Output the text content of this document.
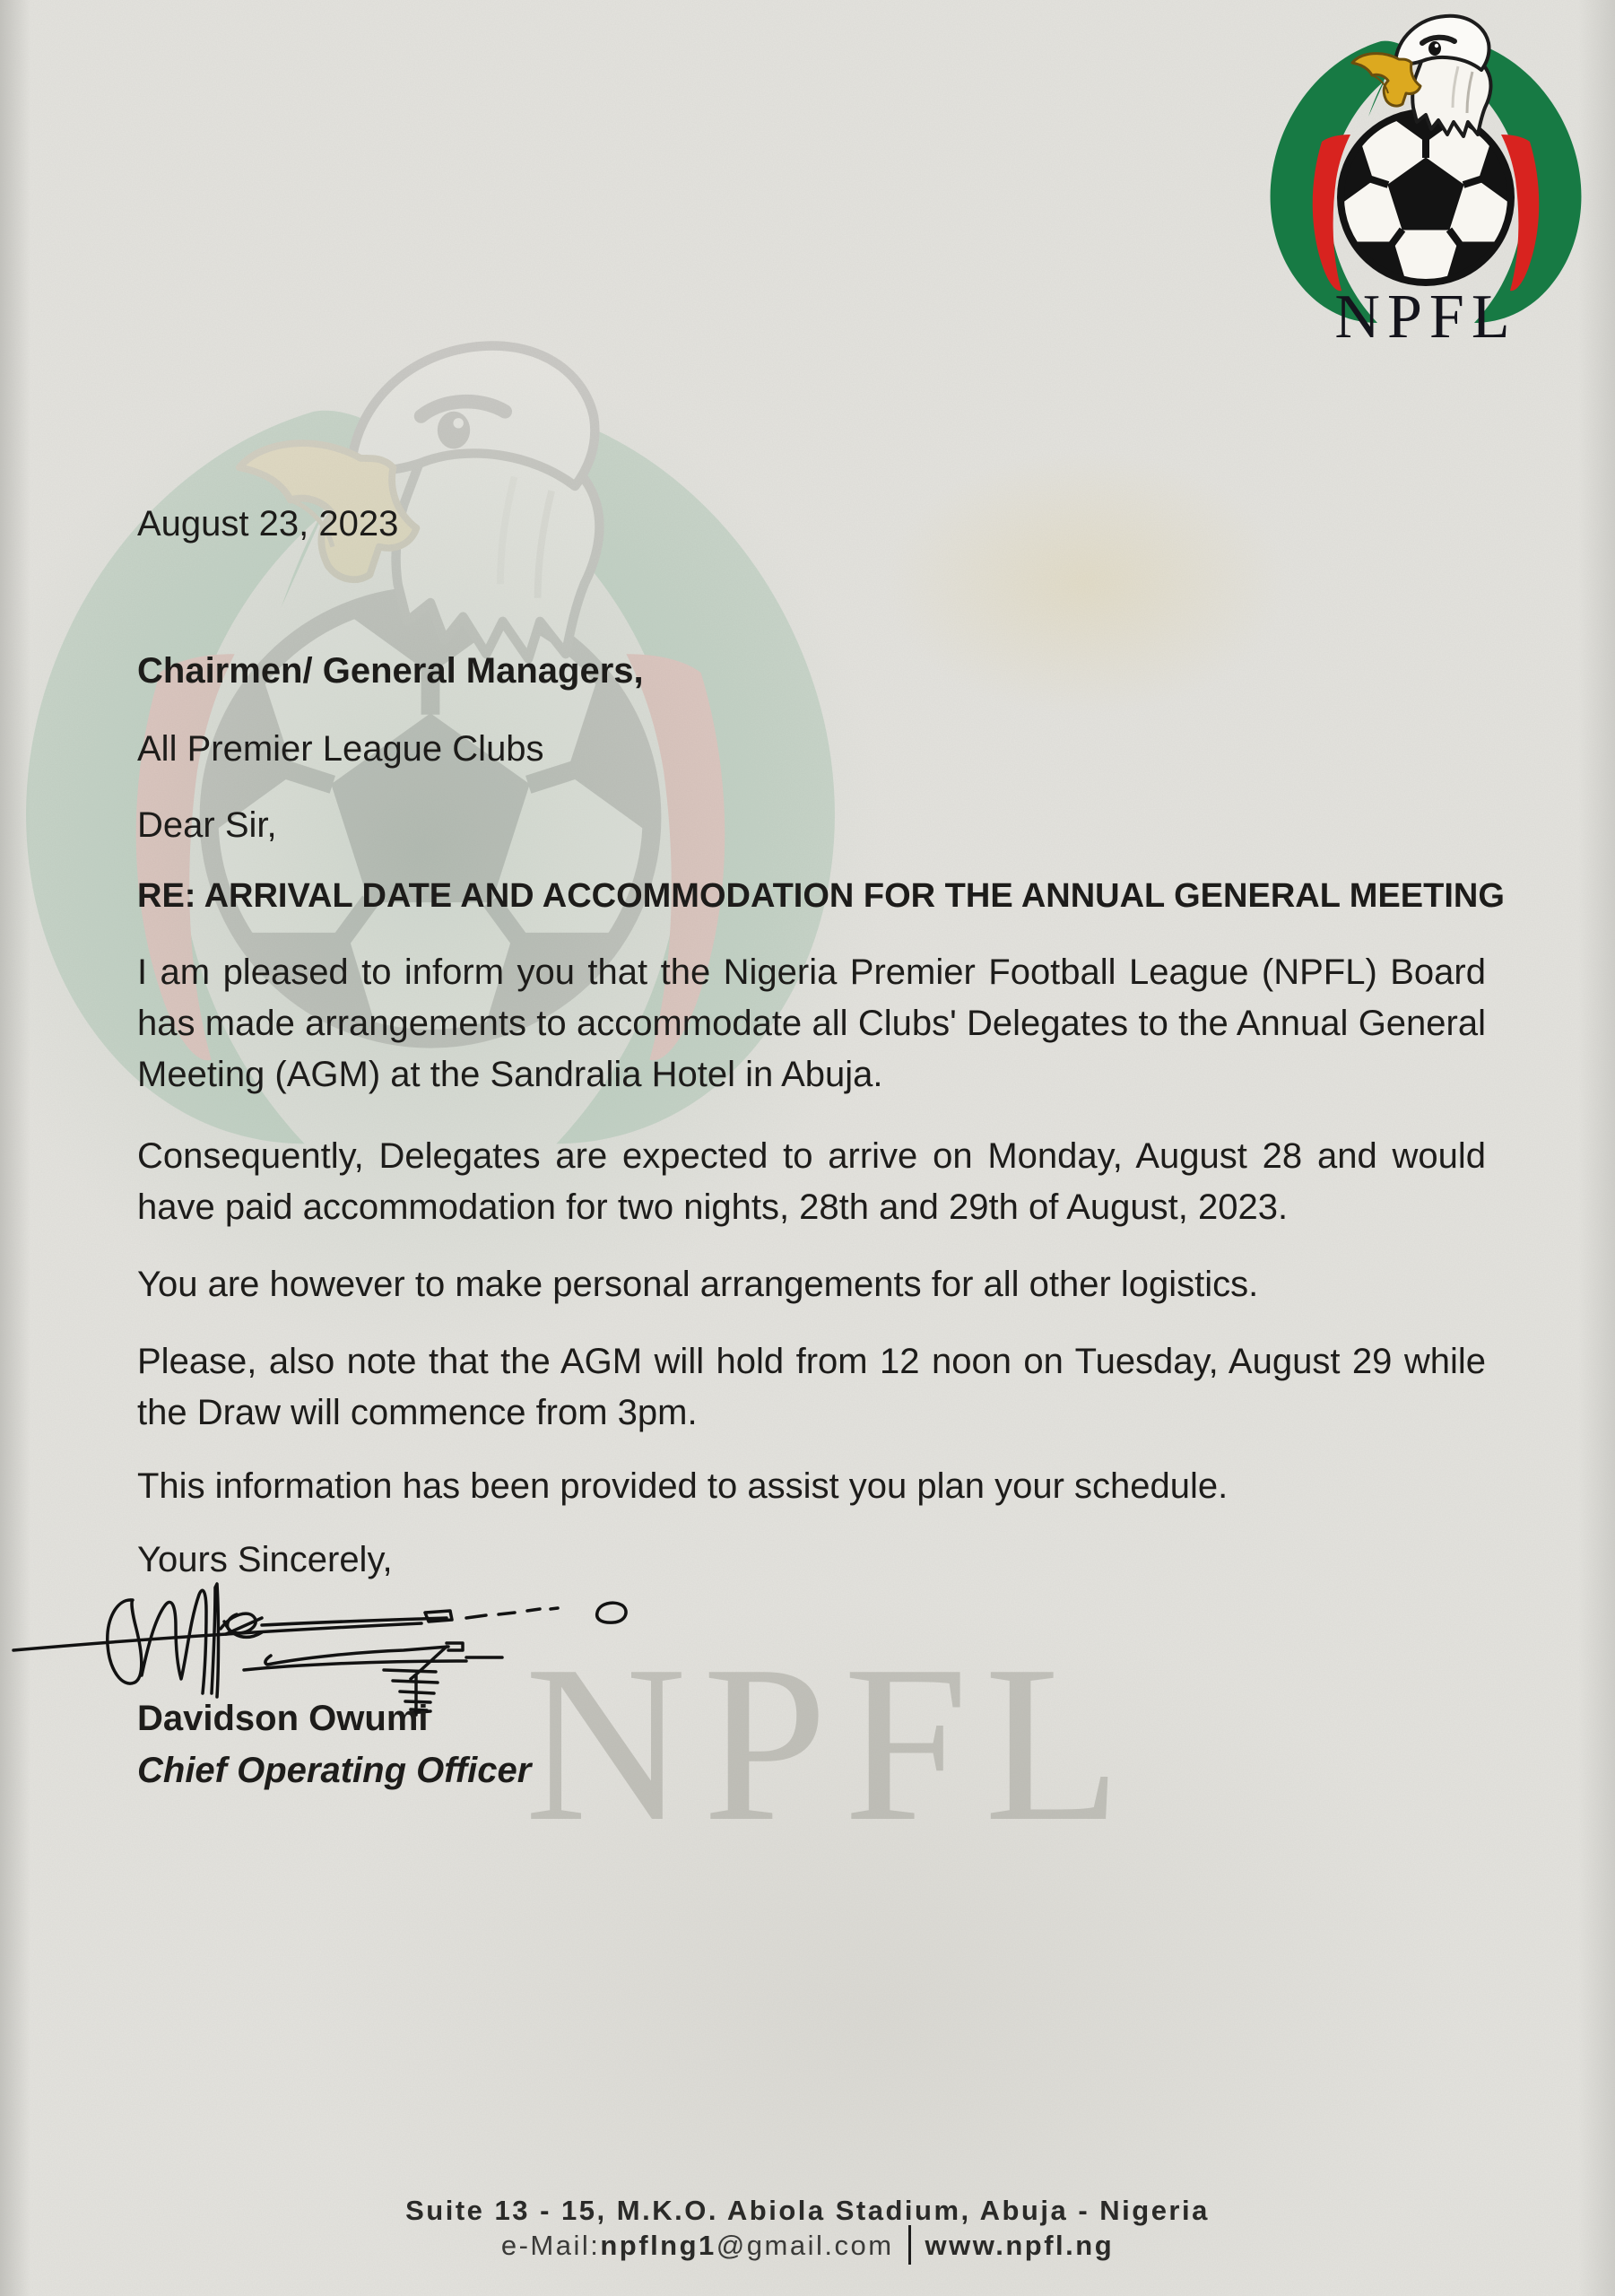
NPFL
NPFL
August 23, 2023
Chairmen/ General Managers,
All Premier League Clubs
Dear Sir,
RE: ARRIVAL DATE AND ACCOMMODATION FOR THE ANNUAL GENERAL MEETING
I am pleased to inform you that the Nigeria Premier Football League (NPFL) Board has made arrangements to accommodate all Clubs' Delegates to the Annual General Meeting (AGM) at the Sandralia Hotel in Abuja.
Consequently, Delegates are expected to arrive on Monday, August 28 and would have paid accommodation for two nights, 28th and 29th of August, 2023.
You are however to make personal arrangements for all other logistics.
Please, also note that the AGM will hold from 12 noon on Tuesday, August 29 while the Draw will commence from 3pm.
This information has been provided to assist you plan your schedule.
Yours Sincerely,
Davidson Owumi
Chief Operating Officer
Suite 13 - 15, M.K.O. Abiola Stadium, Abuja - Nigeria
e-Mail:npflng1@gmail.com www.npfl.ng
